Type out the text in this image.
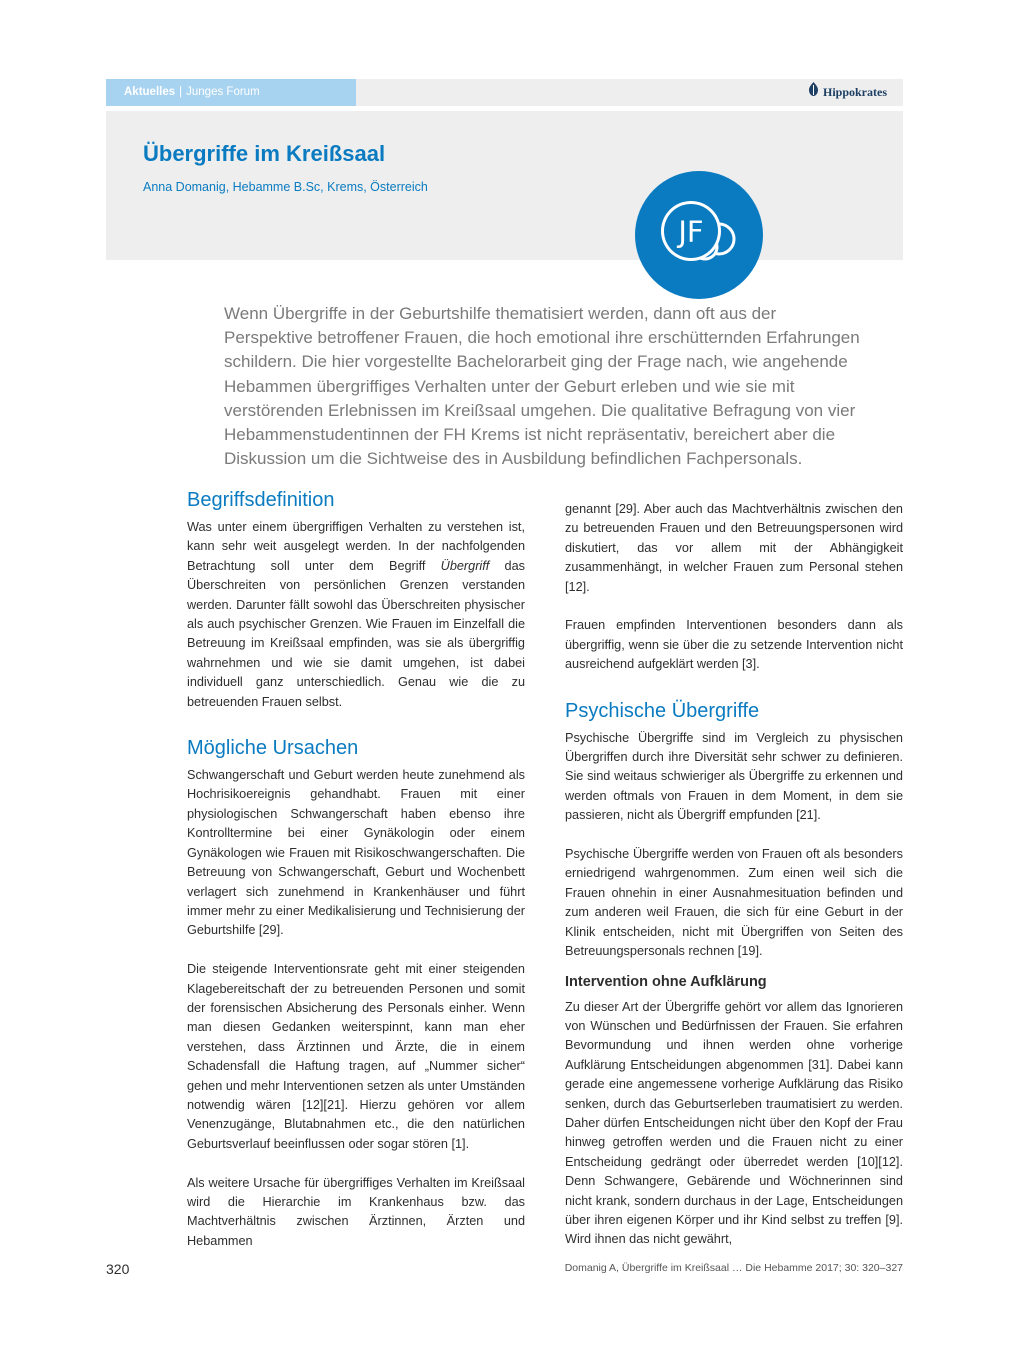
Aktuelles | Junges Forum	Hippokrates
Übergriffe im Kreißsaal
Anna Domanig, Hebamme B.Sc, Krems, Österreich
JF

Wenn Übergriffe in der Geburtshilfe thematisiert werden, dann oft aus der Perspektive betroffener Frauen, die hoch emotional ihre erschütternden Erfahrungen schildern. Die hier vorgestellte Bachelorarbeit ging der Frage nach, wie angehende Hebammen übergriffiges Verhalten unter der Geburt erleben und wie sie mit verstörenden Erlebnissen im Kreißsaal umgehen. Die qualitative Befragung von vier Hebammenstudentinnen der FH Krems ist nicht repräsentativ, bereichert aber die Diskussion um die Sichtweise des in Ausbildung befindlichen Fachpersonals.

Begriffsdefinition

Was unter einem übergriffigen Verhalten zu verstehen ist, kann sehr weit ausgelegt werden. In der nachfolgenden Betrachtung soll unter dem Begriff Übergriff das Überschreiten von persönlichen Grenzen verstanden werden. Darunter fällt sowohl das Überschreiten physischer als auch psychischer Grenzen. Wie Frauen im Einzelfall die Betreuung im Kreißsaal empfinden, was sie als übergriffig wahrnehmen und wie sie damit umgehen, ist dabei individuell ganz unterschiedlich. Genau wie die zu betreuenden Frauen selbst.

Mögliche Ursachen

Schwangerschaft und Geburt werden heute zunehmend als Hochrisikoereignis gehandhabt. Frauen mit einer physiologischen Schwangerschaft haben ebenso ihre Kontrolltermine bei einer Gynäkologin oder einem Gynäkologen wie Frauen mit Risikoschwangerschaften. Die Betreuung von Schwangerschaft, Geburt und Wochenbett verlagert sich zunehmend in Krankenhäuser und führt immer mehr zu einer Medikalisierung und Technisierung der Geburtshilfe [29].

Die steigende Interventionsrate geht mit einer steigenden Klagebereitschaft der zu betreuenden Personen und somit der forensischen Absicherung des Personals einher. Wenn man diesen Gedanken weiterspinnt, kann man eher verstehen, dass Ärztinnen und Ärzte, die in einem Schadensfall die Haftung tragen, auf „Nummer sicher“ gehen und mehr Interventionen setzen als unter Umständen notwendig wären [12][21]. Hierzu gehören vor allem Venenzugänge, Blutabnahmen etc., die den natürlichen Geburtsverlauf beeinflussen oder sogar stören [1].

Als weitere Ursache für übergriffiges Verhalten im Kreißsaal wird die Hierarchie im Krankenhaus bzw. das Machtverhältnis zwischen Ärztinnen, Ärzten und Hebammen

genannt [29]. Aber auch das Machtverhältnis zwischen den zu betreuenden Frauen und den Betreuungspersonen wird diskutiert, das vor allem mit der Abhängigkeit zusammenhängt, in welcher Frauen zum Personal stehen [12].

Frauen empfinden Interventionen besonders dann als übergriffig, wenn sie über die zu setzende Intervention nicht ausreichend aufgeklärt werden [3].

Psychische Übergriffe

Psychische Übergriffe sind im Vergleich zu physischen Übergriffen durch ihre Diversität sehr schwer zu definieren. Sie sind weitaus schwieriger als Übergriffe zu erkennen und werden oftmals von Frauen in dem Moment, in dem sie passieren, nicht als Übergriff empfunden [21].

Psychische Übergriffe werden von Frauen oft als besonders erniedrigend wahrgenommen. Zum einen weil sich die Frauen ohnehin in einer Ausnahmesituation befinden und zum anderen weil Frauen, die sich für eine Geburt in der Klinik entscheiden, nicht mit Übergriffen von Seiten des Betreuungspersonals rechnen [19].

Intervention ohne Aufklärung

Zu dieser Art der Übergriffe gehört vor allem das Ignorieren von Wünschen und Bedürfnissen der Frauen. Sie erfahren Bevormundung und ihnen werden ohne vorherige Aufklärung Entscheidungen abgenommen [31]. Dabei kann gerade eine angemessene vorherige Aufklärung das Risiko senken, durch das Geburtserleben traumatisiert zu werden. Daher dürfen Entscheidungen nicht über den Kopf der Frau hinweg getroffen werden und die Frauen nicht zu einer Entscheidung gedrängt oder überredet werden [10][12]. Denn Schwangere, Gebärende und Wöchnerinnen sind nicht krank, sondern durchaus in der Lage, Entscheidungen über ihren eigenen Körper und ihr Kind selbst zu treffen [9]. Wird ihnen das nicht gewährt,

320	Domanig A, Übergriffe im Kreißsaal … Die Hebamme 2017; 30: 320–327
